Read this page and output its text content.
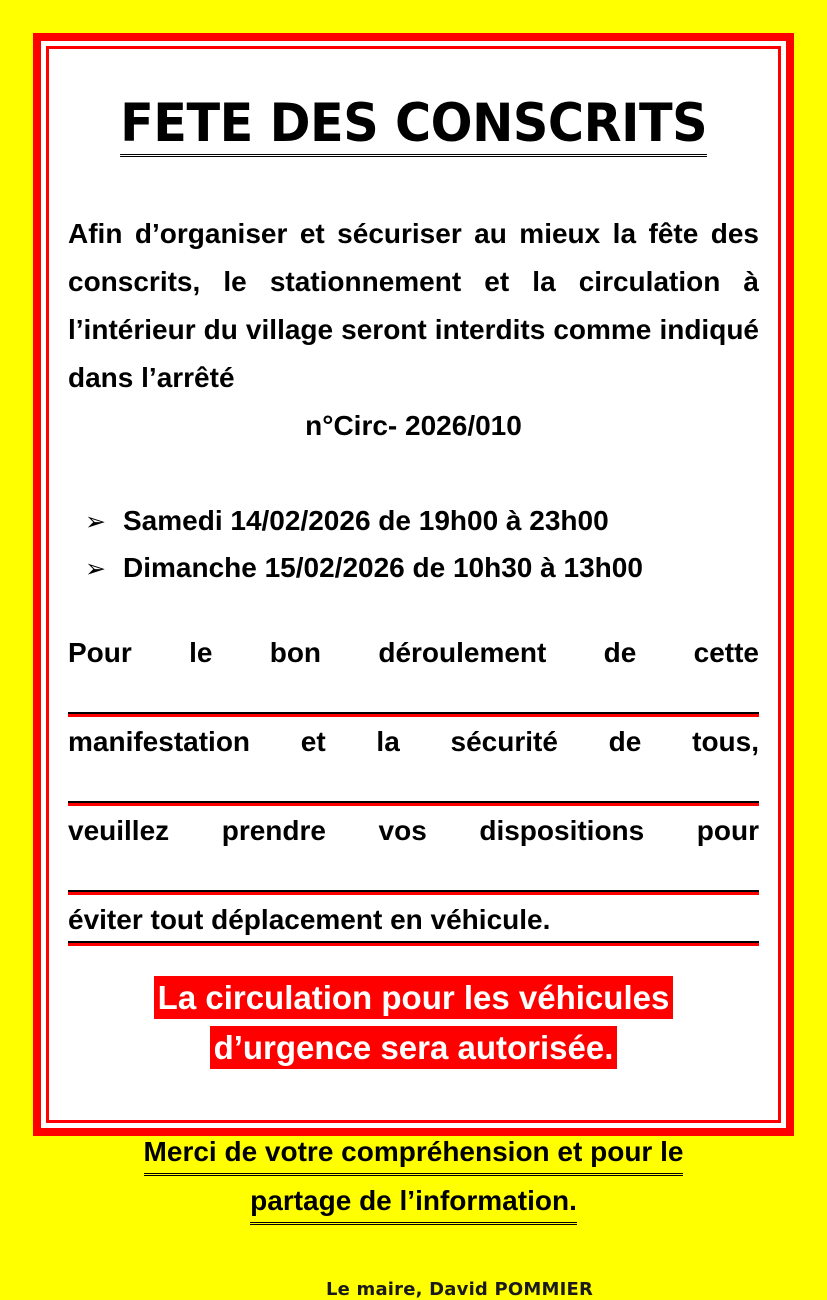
FETE DES CONSCRITS

Afin d’organiser et sécuriser au mieux la fête des conscrits, le stationnement et la circulation à l’intérieur du village seront interdits comme indiqué dans l’arrêté

n°Circ- 2026/010

➢ Samedi 14/02/2026 de 19h00 à 23h00
➢ Dimanche 15/02/2026 de 10h30 à 13h00
Pour le bon déroulement de cette
manifestation et la sécurité de tous,
veuillez prendre vos dispositions pour
éviter tout déplacement en véhicule.
La circulation pour les véhicules
d’urgence sera autorisée.
Merci de votre compréhension et pour le
partage de l’information.
Le maire, David POMMIER
